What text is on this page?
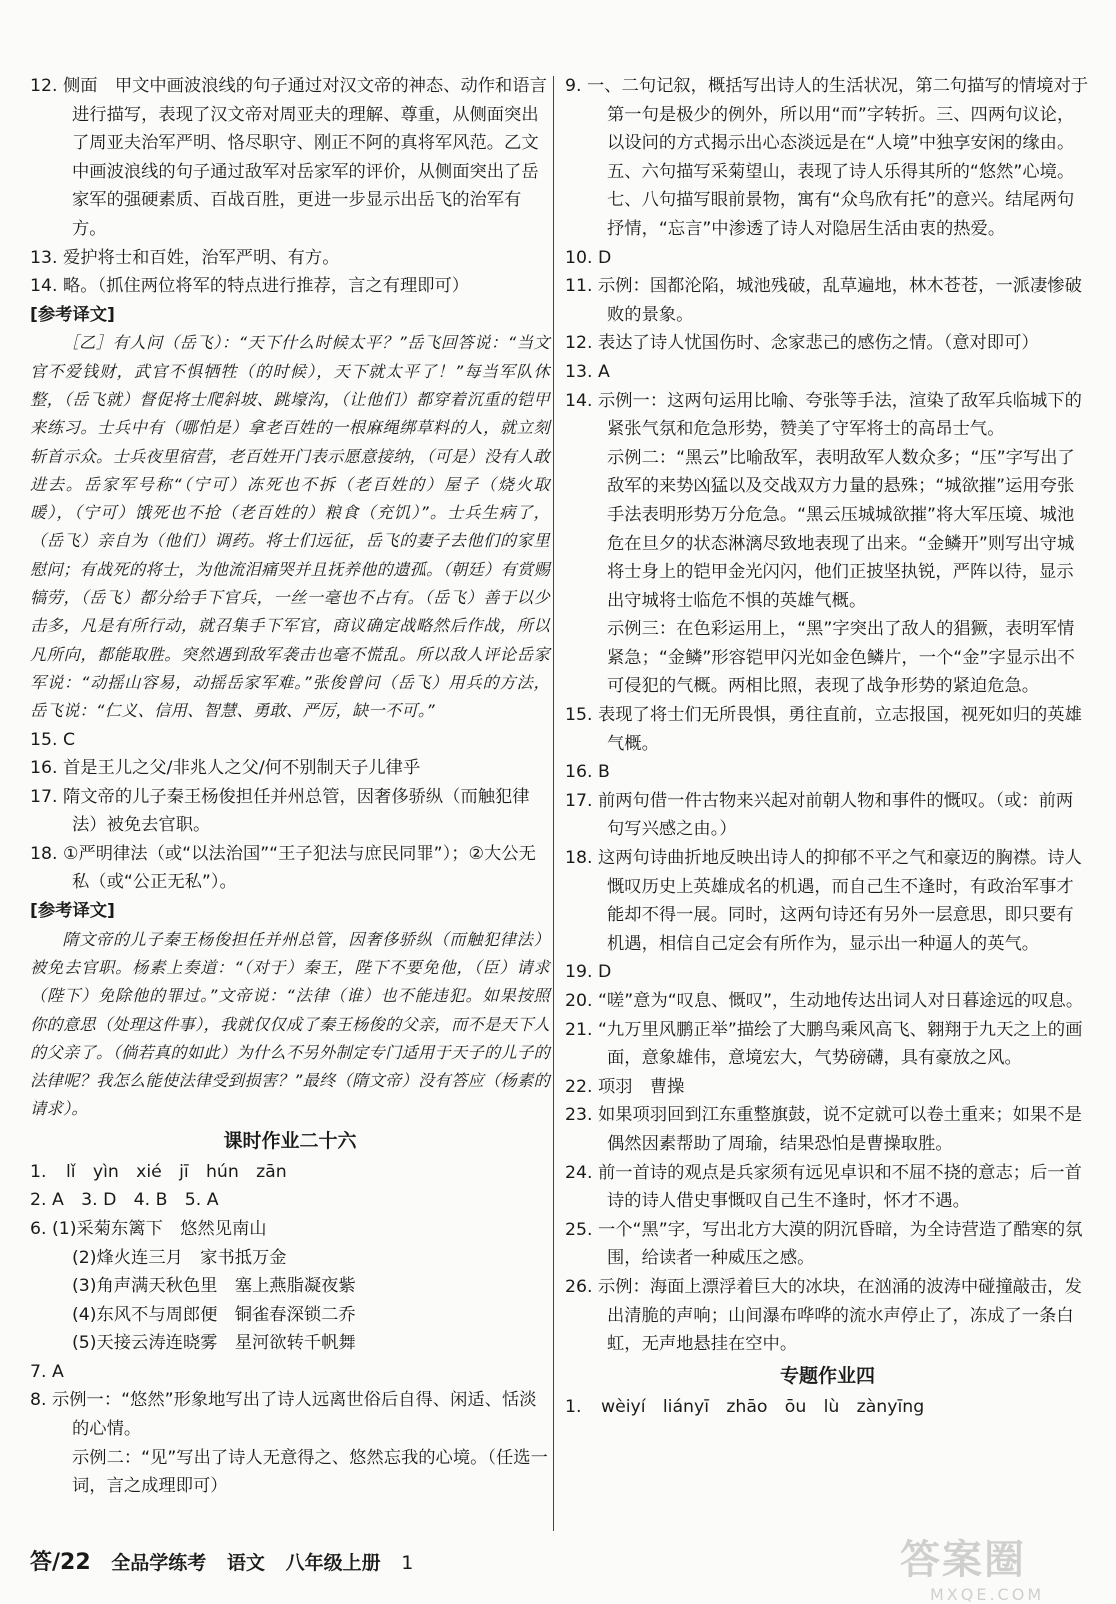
12. 侧面　甲文中画波浪线的句子通过对汉文帝的神态、动作和语言进行描写，表现了汉文帝对周亚夫的理解、尊重，从侧面突出了周亚夫治军严明、恪尽职守、刚正不阿的真将军风范。乙文中画波浪线的句子通过敌军对岳家军的评价，从侧面突出了岳家军的强硬素质、百战百胜，更进一步显示出岳飞的治军有方。

13. 爱护将士和百姓，治军严明、有方。

14. 略。（抓住两位将军的特点进行推荐，言之有理即可）

[参考译文]

［乙］有人问（岳飞）：“天下什么时候太平？”岳飞回答说：“当文官不爱钱财，武官不惧牺牲（的时候），天下就太平了！”每当军队休整，（岳飞就）督促将士爬斜坡、跳壕沟，（让他们）都穿着沉重的铠甲来练习。士兵中有（哪怕是）拿老百姓的一根麻绳绑草料的人，就立刻斩首示众。士兵夜里宿营，老百姓开门表示愿意接纳，（可是）没有人敢进去。岳家军号称“（宁可）冻死也不拆（老百姓的）屋子（烧火取暖），（宁可）饿死也不抢（老百姓的）粮食（充饥）”。士兵生病了，（岳飞）亲自为（他们）调药。将士们远征，岳飞的妻子去他们的家里慰问；有战死的将士，为他流泪痛哭并且抚养他的遗孤。（朝廷）有赏赐犒劳，（岳飞）都分给手下官兵，一丝一毫也不占有。（岳飞）善于以少击多，凡是有所行动，就召集手下军官，商议确定战略然后作战，所以凡所向，都能取胜。突然遇到敌军袭击也毫不慌乱。所以敌人评论岳家军说：“动摇山容易，动摇岳家军难。”张俊曾问（岳飞）用兵的方法，岳飞说：“仁义、信用、智慧、勇敢、严厉，缺一不可。”

15. C

16. 首是王儿之父/非兆人之父/何不别制天子儿律乎

17. 隋文帝的儿子秦王杨俊担任并州总管，因奢侈骄纵（而触犯律法）被免去官职。

18. ①严明律法（或“以法治国”“王子犯法与庶民同罪”）；②大公无私（或“公正无私”）。

[参考译文]

隋文帝的儿子秦王杨俊担任并州总管，因奢侈骄纵（而触犯律法）被免去官职。杨素上奏道：“（对于）秦王，陛下不要免他，（臣）请求（陛下）免除他的罪过。”文帝说：“法律（谁）也不能违犯。如果按照你的意思（处理这件事），我就仅仅成了秦王杨俊的父亲，而不是天下人的父亲了。（倘若真的如此）为什么不另外制定专门适用于天子的儿子的法律呢？我怎么能使法律受到损害？”最终（隋文帝）没有答应（杨素的请求）。

课时作业二十六

1. lǐ　yìn　xié　jī　hún　zān

2. A　3. D　4. B　5. A

6. (1)采菊东篱下　悠然见南山

(2)烽火连三月　家书抵万金

(3)角声满天秋色里　塞上燕脂凝夜紫

(4)东风不与周郎便　铜雀春深锁二乔

(5)天接云涛连晓雾　星河欲转千帆舞

7. A

8. 示例一：“悠然”形象地写出了诗人远离世俗后自得、闲适、恬淡的心情。

示例二：“见”写出了诗人无意得之、悠然忘我的心境。（任选一词，言之成理即可）

9. 一、二句记叙，概括写出诗人的生活状况，第二句描写的情境对于第一句是极少的例外，所以用“而”字转折。三、四两句议论，以设问的方式揭示出心态淡远是在“人境”中独享安闲的缘由。五、六句描写采菊望山，表现了诗人乐得其所的“悠然”心境。七、八句描写眼前景物，寓有“众鸟欣有托”的意兴。结尾两句抒情，“忘言”中渗透了诗人对隐居生活由衷的热爱。

10. D

11. 示例：国都沦陷，城池残破，乱草遍地，林木苍苍，一派凄惨破败的景象。

12. 表达了诗人忧国伤时、念家悲己的感伤之情。（意对即可）

13. A

14. 示例一：这两句运用比喻、夸张等手法，渲染了敌军兵临城下的紧张气氛和危急形势，赞美了守军将士的高昂士气。

示例二：“黑云”比喻敌军，表明敌军人数众多；“压”字写出了敌军的来势凶猛以及交战双方力量的悬殊；“城欲摧”运用夸张手法表明形势万分危急。“黑云压城城欲摧”将大军压境、城池危在旦夕的状态淋漓尽致地表现了出来。“金鳞开”则写出守城将士身上的铠甲金光闪闪，他们正披坚执锐，严阵以待，显示出守城将士临危不惧的英雄气概。

示例三：在色彩运用上，“黑”字突出了敌人的猖獗，表明军情紧急；“金鳞”形容铠甲闪光如金色鳞片，一个“金”字显示出不可侵犯的气概。两相比照，表现了战争形势的紧迫危急。

15. 表现了将士们无所畏惧，勇往直前，立志报国，视死如归的英雄气概。

16. B

17. 前两句借一件古物来兴起对前朝人物和事件的慨叹。（或：前两句写兴感之由。）

18. 这两句诗曲折地反映出诗人的抑郁不平之气和豪迈的胸襟。诗人慨叹历史上英雄成名的机遇，而自己生不逢时，有政治军事才能却不得一展。同时，这两句诗还有另外一层意思，即只要有机遇，相信自己定会有所作为，显示出一种逼人的英气。

19. D

20. “嗟”意为“叹息、慨叹”，生动地传达出词人对日暮途远的叹息。

21. “九万里风鹏正举”描绘了大鹏鸟乘风高飞、翱翔于九天之上的画面，意象雄伟，意境宏大，气势磅礴，具有豪放之风。

22. 项羽　曹操

23. 如果项羽回到江东重整旗鼓，说不定就可以卷土重来；如果不是偶然因素帮助了周瑜，结果恐怕是曹操取胜。

24. 前一首诗的观点是兵家须有远见卓识和不屈不挠的意志；后一首诗的诗人借史事慨叹自己生不逢时，怀才不遇。

25. 一个“黑”字，写出北方大漠的阴沉昏暗，为全诗营造了酷寒的氛围，给读者一种威压之感。

26. 示例：海面上漂浮着巨大的冰块，在汹涌的波涛中碰撞敲击，发出清脆的声响；山间瀑布哗哗的流水声停止了，冻成了一条白虹，无声地悬挂在空中。

专题作业四

1. wèiyí　liányī　zhāo　ōu　lù　zànyīng

答/22 全品学练考 语文 八年级上册 1	答案圈
MXQE.COM
